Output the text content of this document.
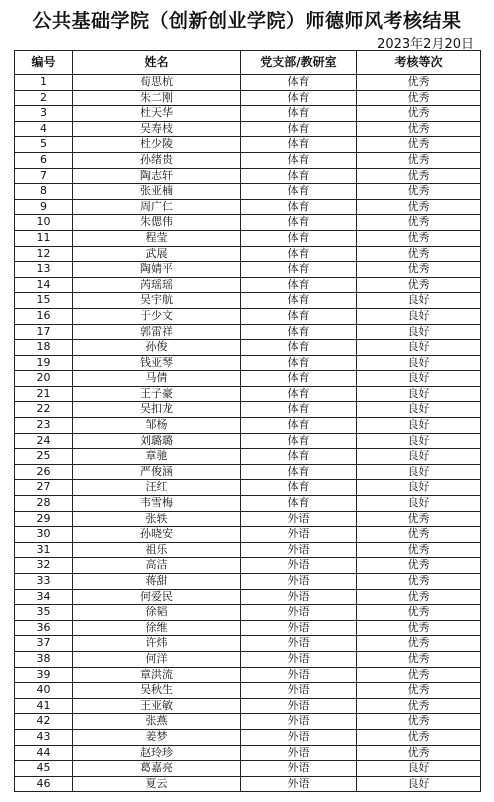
公共基础学院（创新创业学院）师德师风考核结果
2023年2月20日
编号	姓名	党支部/教研室	考核等次
1	荀思杭	体育	优秀
2	朱二刚	体育	优秀
3	杜天华	体育	优秀
4	吴寿枝	体育	优秀
5	杜少陵	体育	优秀
6	孙绪贵	体育	优秀
7	陶志轩	体育	优秀
8	张亚楠	体育	优秀
9	周广仁	体育	优秀
10	朱偲伟	体育	优秀
11	程莹	体育	优秀
12	武展	体育	优秀
13	陶婧平	体育	优秀
14	芮瑶瑶	体育	优秀
15	吴宇航	体育	良好
16	于少文	体育	良好
17	郭雷祥	体育	良好
18	孙俊	体育	良好
19	钱亚琴	体育	良好
20	马倩	体育	良好
21	王子豪	体育	良好
22	吴扣龙	体育	良好
23	邹杨	体育	良好
24	刘璐璐	体育	良好
25	章驰	体育	良好
26	严俊涵	体育	良好
27	汪红	体育	良好
28	韦雪梅	体育	良好
29	张轶	外语	优秀
30	孙晓安	外语	优秀
31	祖乐	外语	优秀
32	高洁	外语	优秀
33	蒋甜	外语	优秀
34	何爱民	外语	优秀
35	徐韬	外语	优秀
36	徐维	外语	优秀
37	许炜	外语	优秀
38	何洋	外语	优秀
39	章洪流	外语	优秀
40	吴秋生	外语	优秀
41	王亚敏	外语	优秀
42	张燕	外语	优秀
43	姜梦	外语	优秀
44	赵玲珍	外语	优秀
45	葛嘉亮	外语	良好
46	夏云	外语	良好
